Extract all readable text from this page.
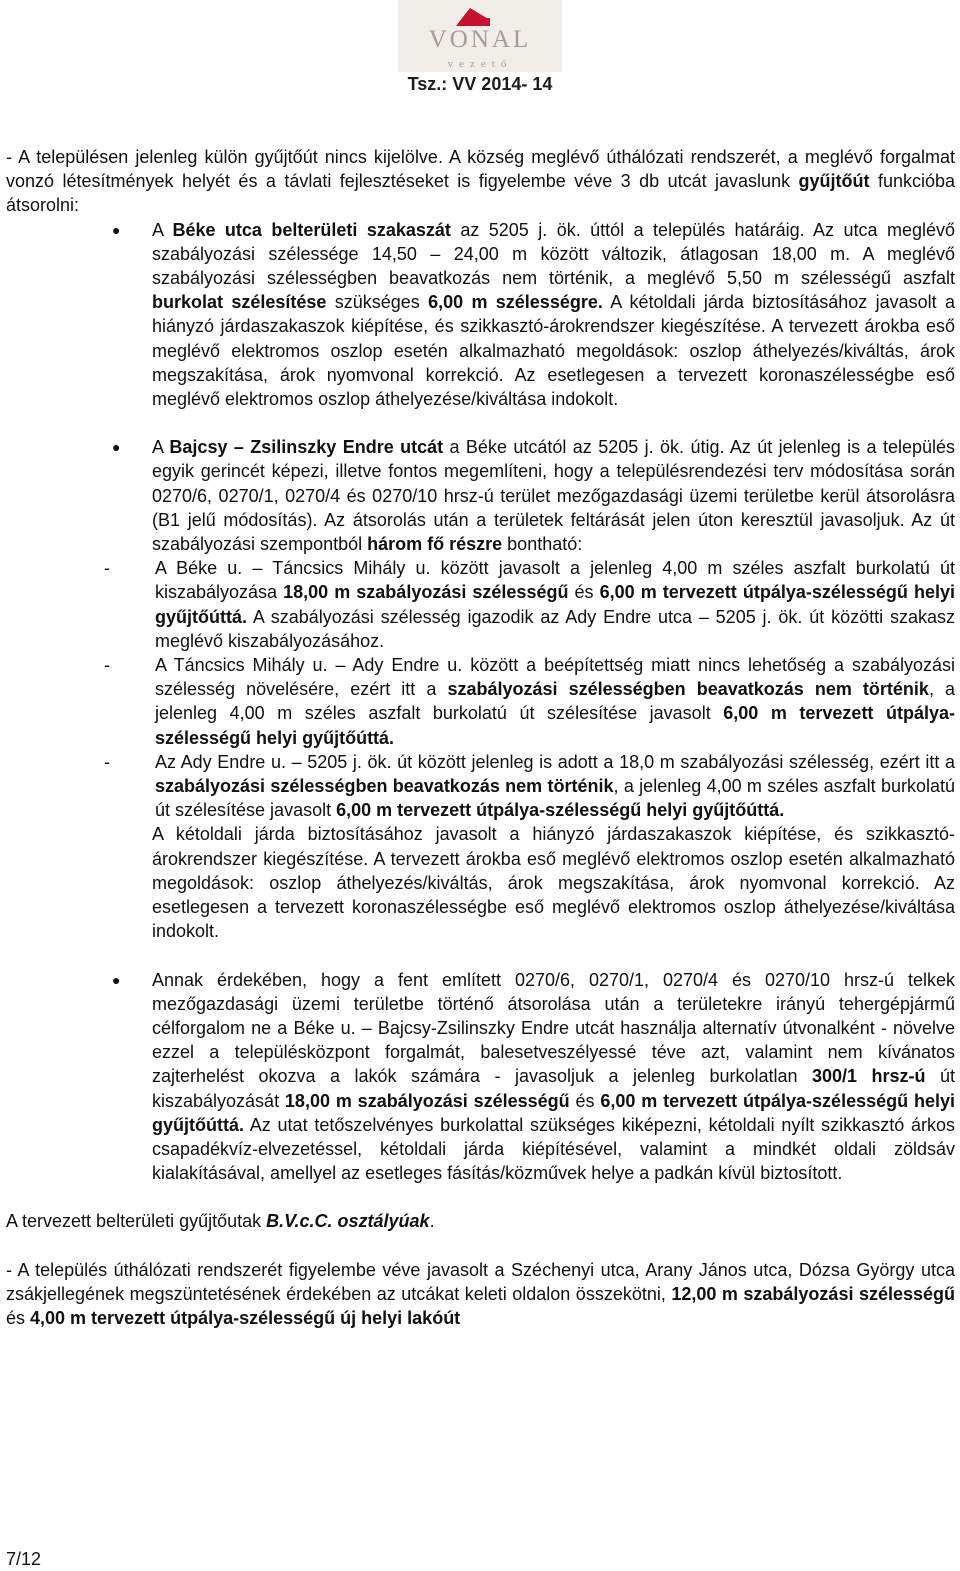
VONAL
vezető
Tsz.: VV 2014- 14

- A településen jelenleg külön gyűjtőút nincs kijelölve. A község meglévő úthálózati rendszerét, a meglévő forgalmat vonzó létesítmények helyét és a távlati fejlesztéseket is figyelembe véve 3 db utcát javaslunk gyűjtőút funkcióba átsorolni:

● A Béke utca belterületi szakaszát az 5205 j. ök. úttól a település határáig. Az utca meglévő szabályozási szélessége 14,50 – 24,00 m között változik, átlagosan 18,00 m. A meglévő szabályozási szélességben beavatkozás nem történik, a meglévő 5,50 m szélességű aszfalt burkolat szélesítése szükséges 6,00 m szélességre. A kétoldali járda biztosításához javasolt a hiányzó járdaszakaszok kiépítése, és szikkasztó-árokrendszer kiegészítése. A tervezett árokba eső meglévő elektromos oszlop esetén alkalmazható megoldások: oszlop áthelyezés/kiváltás, árok megszakítása, árok nyomvonal korrekció. Az esetlegesen a tervezett koronaszélességbe eső meglévő elektromos oszlop áthelyezése/kiváltása indokolt.

● A Bajcsy – Zsilinszky Endre utcát a Béke utcától az 5205 j. ök. útig. Az út jelenleg is a település egyik gerincét képezi, illetve fontos megemlíteni, hogy a településrendezési terv módosítása során 0270/6, 0270/1, 0270/4 és 0270/10 hrsz-ú terület mezőgazdasági üzemi területbe kerül átsorolásra (B1 jelű módosítás). Az átsorolás után a területek feltárását jelen úton keresztül javasoljuk. Az út szabályozási szempontból három fő részre bontható:

-	A Béke u. – Táncsics Mihály u. között javasolt a jelenleg 4,00 m széles aszfalt burkolatú út kiszabályozása 18,00 m szabályozási szélességű és 6,00 m tervezett útpálya-szélességű helyi gyűjtőúttá. A szabályozási szélesség igazodik az Ady Endre utca – 5205 j. ök. út közötti szakasz meglévő kiszabályozásához.

-	A Táncsics Mihály u. – Ady Endre u. között a beépítettség miatt nincs lehetőség a szabályozási szélesség növelésére, ezért itt a szabályozási szélességben beavatkozás nem történik, a jelenleg 4,00 m széles aszfalt burkolatú út szélesítése javasolt 6,00 m tervezett útpálya-szélességű helyi gyűjtőúttá.

-	Az Ady Endre u. – 5205 j. ök. út között jelenleg is adott a 18,0 m szabályozási szélesség, ezért itt a szabályozási szélességben beavatkozás nem történik, a jelenleg 4,00 m széles aszfalt burkolatú út szélesítése javasolt 6,00 m tervezett útpálya-szélességű helyi gyűjtőúttá.

A kétoldali járda biztosításához javasolt a hiányzó járdaszakaszok kiépítése, és szikkasztó-árokrendszer kiegészítése. A tervezett árokba eső meglévő elektromos oszlop esetén alkalmazható megoldások: oszlop áthelyezés/kiváltás, árok megszakítása, árok nyomvonal korrekció. Az esetlegesen a tervezett koronaszélességbe eső meglévő elektromos oszlop áthelyezése/kiváltása indokolt.

● Annak érdekében, hogy a fent említett 0270/6, 0270/1, 0270/4 és 0270/10 hrsz-ú telkek mezőgazdasági üzemi területbe történő átsorolása után a területekre irányú tehergépjármű célforgalom ne a Béke u. – Bajcsy-Zsilinszky Endre utcát használja alternatív útvonalként - növelve ezzel a településközpont forgalmát, balesetveszélyessé téve azt, valamint nem kívánatos zajterhelést okozva a lakók számára - javasoljuk a jelenleg burkolatlan 300/1 hrsz-ú út kiszabályozását 18,00 m szabályozási szélességű és 6,00 m tervezett útpálya-szélességű helyi gyűjtőúttá. Az utat tetőszelvényes burkolattal szükséges kiképezni, kétoldali nyílt szikkasztó árkos csapadékvíz-elvezetéssel, kétoldali járda kiépítésével, valamint a mindkét oldali zöldsáv kialakításával, amellyel az esetleges fásítás/közművek helye a padkán kívül biztosított.

A tervezett belterületi gyűjtőutak B.V.c.C. osztályúak.

- A település úthálózati rendszerét figyelembe véve javasolt a Széchenyi utca, Arany János utca, Dózsa György utca zsákjellegének megszüntetésének érdekében az utcákat keleti oldalon összekötni, 12,00 m szabályozási szélességű és 4,00 m tervezett útpálya-szélességű új helyi lakóút

7/12
